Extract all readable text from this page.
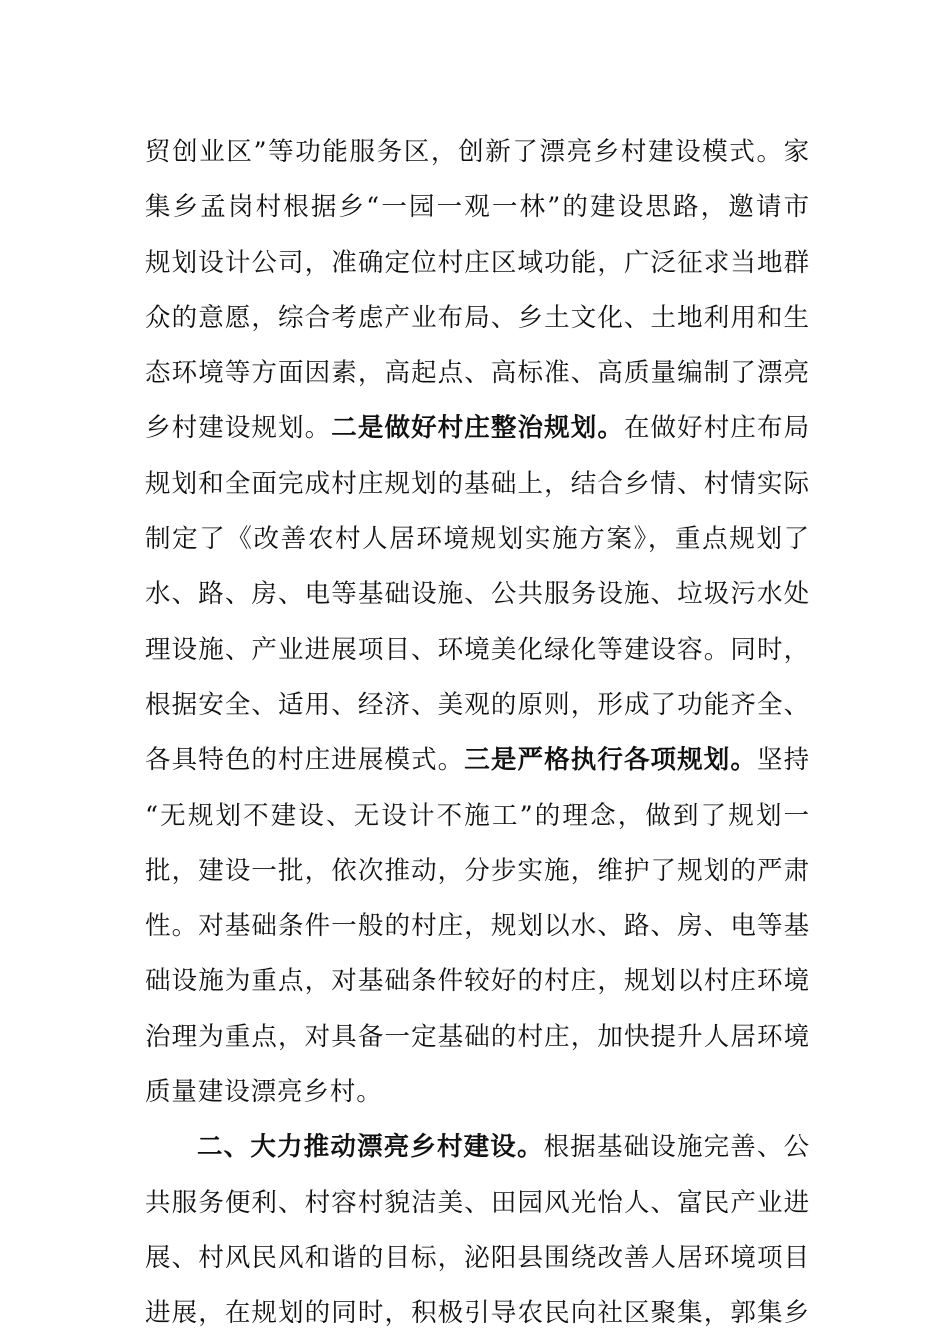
贸创业区”等功能服务区，创新了漂亮乡村建设模式。家
集乡孟岗村根据乡“一园一观一林”的建设思路，邀请市
规划设计公司，准确定位村庄区域功能，广泛征求当地群
众的意愿，综合考虑产业布局、乡土文化、土地利用和生
态环境等方面因素，高起点、高标准、高质量编制了漂亮
乡村建设规划。二是做好村庄整治规划。在做好村庄布局
规划和全面完成村庄规划的基础上，结合乡情、村情实际
制定了《改善农村人居环境规划实施方案》，重点规划了
水、路、房、电等基础设施、公共服务设施、垃圾污水处
理设施、产业进展项目、环境美化绿化等建设容。同时，
根据安全、适用、经济、美观的原则，形成了功能齐全、
各具特色的村庄进展模式。三是严格执行各项规划。坚持
“无规划不建设、无设计不施工”的理念，做到了规划一
批，建设一批，依次推动，分步实施，维护了规划的严肃
性。对基础条件一般的村庄，规划以水、路、房、电等基
础设施为重点，对基础条件较好的村庄，规划以村庄环境
治理为重点，对具备一定基础的村庄，加快提升人居环境
质量建设漂亮乡村。
二、大力推动漂亮乡村建设。根据基础设施完善、公
共服务便利、村容村貌洁美、田园风光怡人、富民产业进
展、村风民风和谐的目标，泌阳县围绕改善人居环境项目
进展，在规划的同时，积极引导农民向社区聚集，郭集乡
